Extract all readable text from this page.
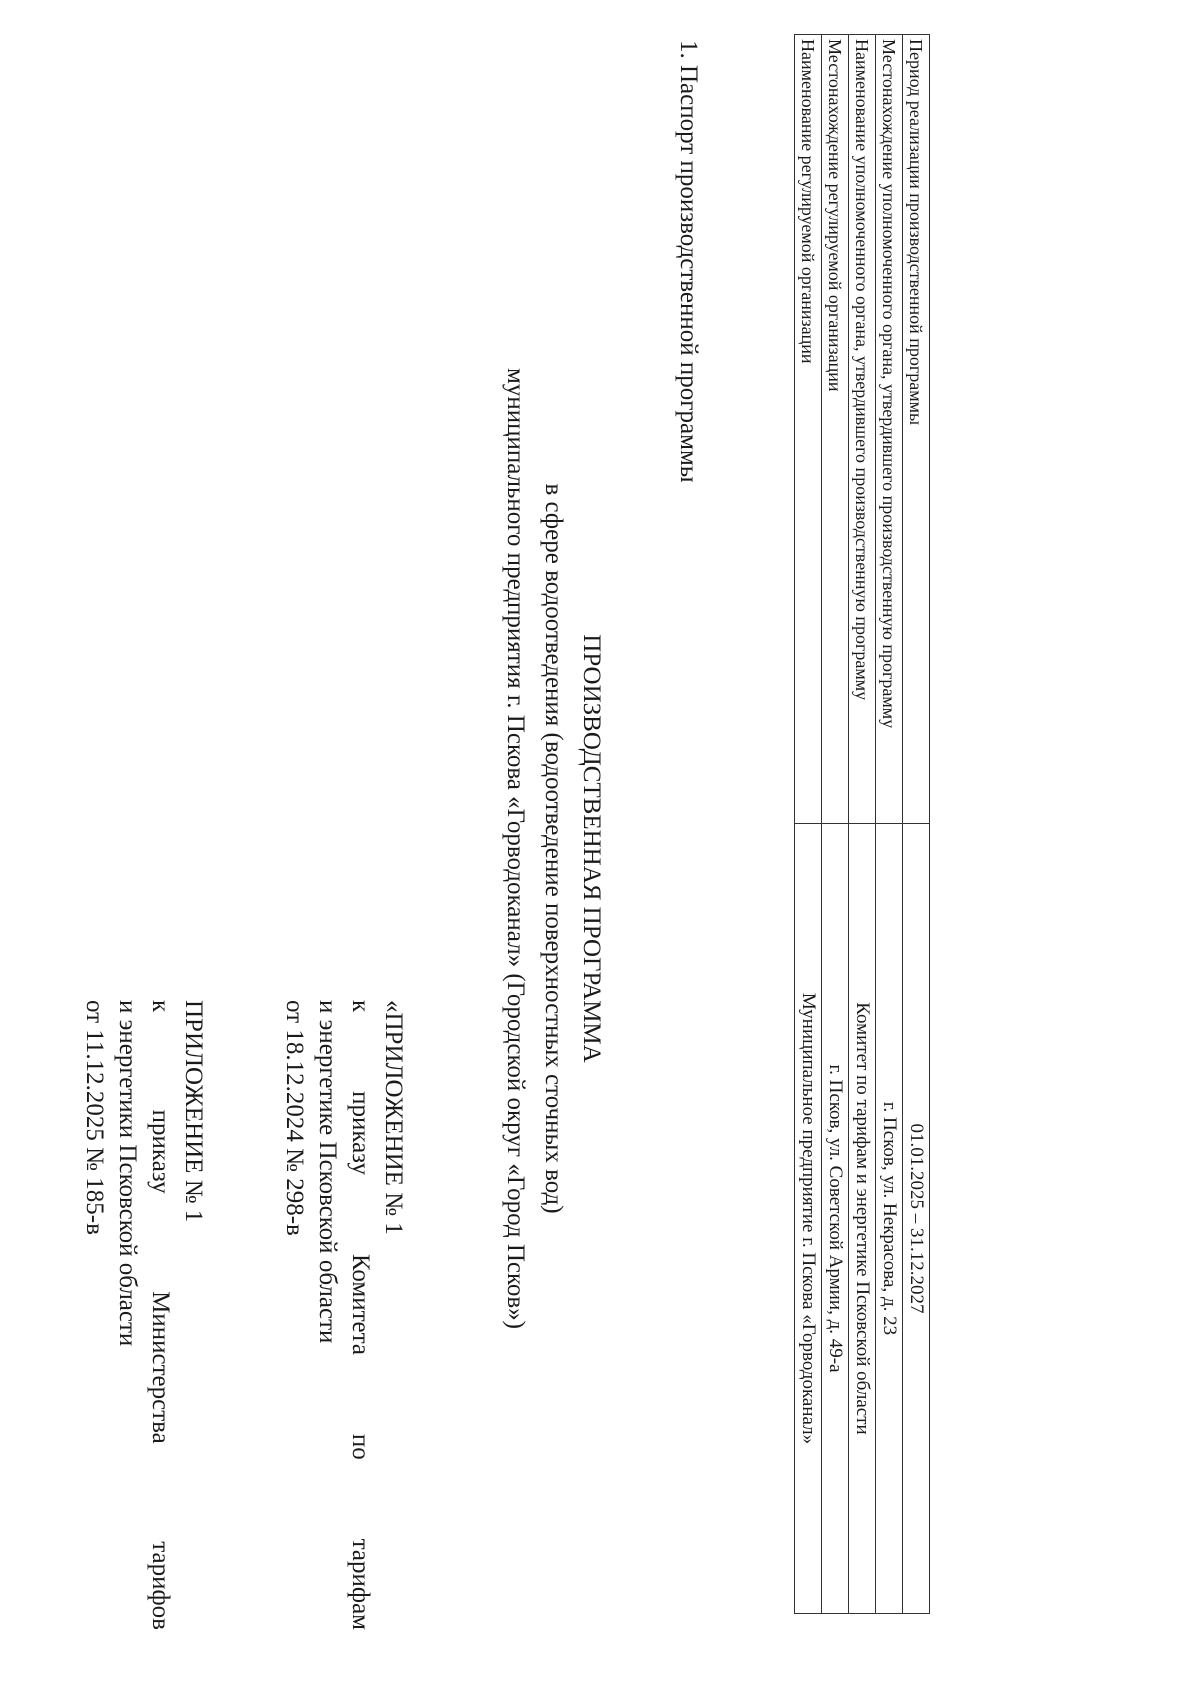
ПРИЛОЖЕНИЕ № 1
к
приказу
Министерства
тарифов
и энергетики Псковской области
от 11.12.2025 № 185-в	«ПРИЛОЖЕНИЕ № 1
к
приказу
Комитета
по
тарифам
и энергетике Псковской области
от 18.12.2024 № 298-в
ПРОИЗВОДСТВЕННАЯ ПРОГРАММА
в сфере водоотведения (водоотведение поверхностных сточных вод)
муниципального предприятия г. Пскова «Горводоканал» (Городской округ «Город Псков»)
1. Паспорт производственной программы	Период реализации производственной программы	01.01.2025 – 31.12.2027
Местонахождение уполномоченного органа, утвердившего производственную программу	г. Псков, ул. Некрасова, д. 23
Наименование уполномоченного органа, утвердившего производственную программу	Комитет по тарифам и энергетике Псковской области
Местонахождение регулируемой организации	г. Псков, ул. Советской Армии, д. 49-а
Наименование регулируемой организации	Муниципальное предприятие г. Пскова «Горводоканал»
